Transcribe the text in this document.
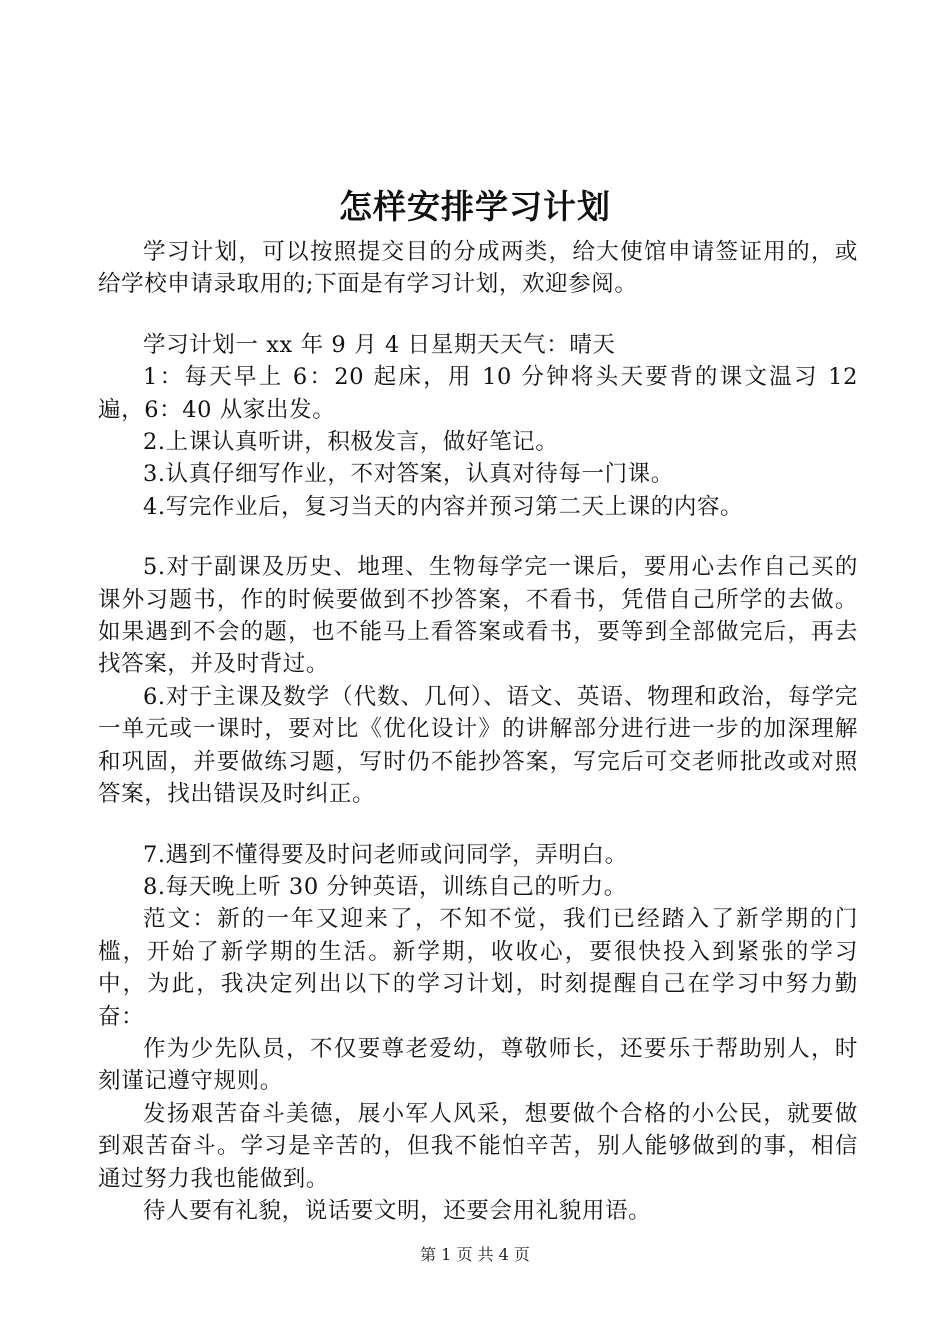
怎样安排学习计划

学习计划，可以按照提交目的分成两类，给大使馆申请签证用的，或给学校申请录取用的;下面是有学习计划，欢迎参阅。

学习计划一 xx 年 9 月 4 日星期天天气：晴天

1：每天早上 6：20 起床，用 10 分钟将头天要背的课文温习 12 遍，6：40 从家出发。

2.上课认真听讲，积极发言，做好笔记。

3.认真仔细写作业，不对答案，认真对待每一门课。

4.写完作业后，复习当天的内容并预习第二天上课的内容。

5.对于副课及历史、地理、生物每学完一课后，要用心去作自己买的课外习题书，作的时候要做到不抄答案，不看书，凭借自己所学的去做。如果遇到不会的题，也不能马上看答案或看书，要等到全部做完后，再去找答案，并及时背过。

6.对于主课及数学（代数、几何）、语文、英语、物理和政治，每学完一单元或一课时，要对比《优化设计》的讲解部分进行进一步的加深理解和巩固，并要做练习题，写时仍不能抄答案，写完后可交老师批改或对照答案，找出错误及时纠正。

7.遇到不懂得要及时问老师或问同学，弄明白。

8.每天晚上听 30 分钟英语，训练自己的听力。

范文：新的一年又迎来了，不知不觉，我们已经踏入了新学期的门槛，开始了新学期的生活。新学期，收收心，要很快投入到紧张的学习中，为此，我决定列出以下的学习计划，时刻提醒自己在学习中努力勤奋：

作为少先队员，不仅要尊老爱幼，尊敬师长，还要乐于帮助别人，时刻谨记遵守规则。

发扬艰苦奋斗美德，展小军人风采，想要做个合格的小公民，就要做到艰苦奋斗。学习是辛苦的，但我不能怕辛苦，别人能够做到的事，相信通过努力我也能做到。

待人要有礼貌，说话要文明，还要会用礼貌用语。

第 1 页 共 4 页
